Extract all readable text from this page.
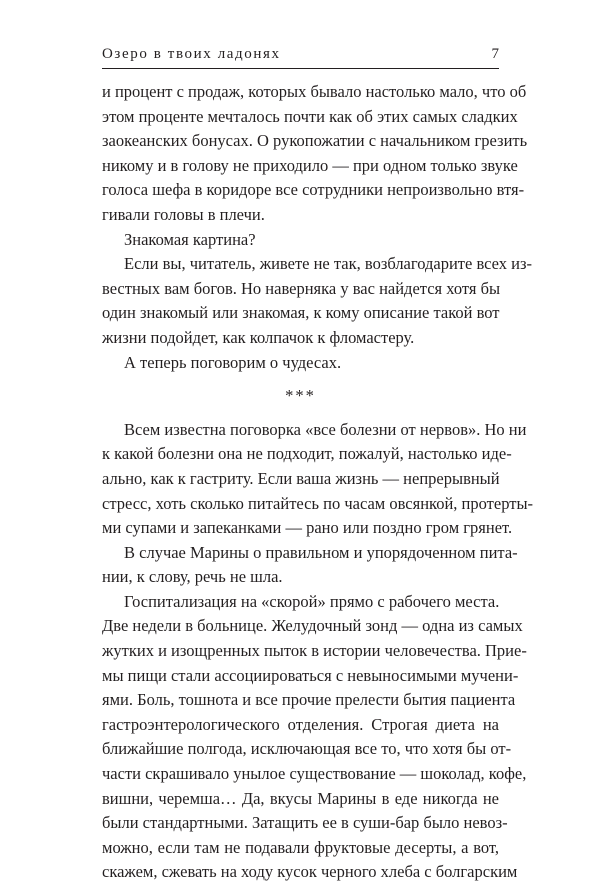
Озеро в твоих ладонях	7
и процент с продаж, которых бывало настолько мало, что об
этом проценте мечталось почти как об этих самых сладких
заокеанских бонусах. О рукопожатии с начальником грезить
никому и в голову не приходило — при одном только звуке
голоса шефа в коридоре все сотрудники непроизвольно втя-
гивали головы в плечи.
Знакомая картина?
Если вы, читатель, живете не так, возблагодарите всех из-
вестных вам богов. Но наверняка у вас найдется хотя бы
один знакомый или знакомая, к кому описание такой вот
жизни подойдет, как колпачок к фломастеру.
А теперь поговорим о чудесах.
***
Всем известна поговорка «все болезни от нервов». Но ни
к какой болезни она не подходит, пожалуй, настолько иде-
ально, как к гастриту. Если ваша жизнь — непрерывный
стресс, хоть сколько питайтесь по часам овсянкой, протерты-
ми супами и запеканками — рано или поздно гром грянет.
В случае Марины о правильном и упорядоченном пита-
нии, к слову, речь не шла.
Госпитализация на «скорой» прямо с рабочего места.
Две недели в больнице. Желудочный зонд — одна из самых
жутких и изощренных пыток в истории человечества. Прие-
мы пищи стали ассоциироваться с невыносимыми мучени-
ями. Боль, тошнота и все прочие прелести бытия пациента
гастроэнтерологического отделения. Строгая диета на
ближайшие полгода, исключающая все то, что хотя бы от-
части скрашивало унылое существование — шоколад, кофе,
вишни, черемша… Да, вкусы Марины в еде никогда не
были стандартными. Затащить ее в суши-бар было невоз-
можно, если там не подавали фруктовые десерты, а вот,
скажем, сжевать на ходу кусок черного хлеба с болгарским
